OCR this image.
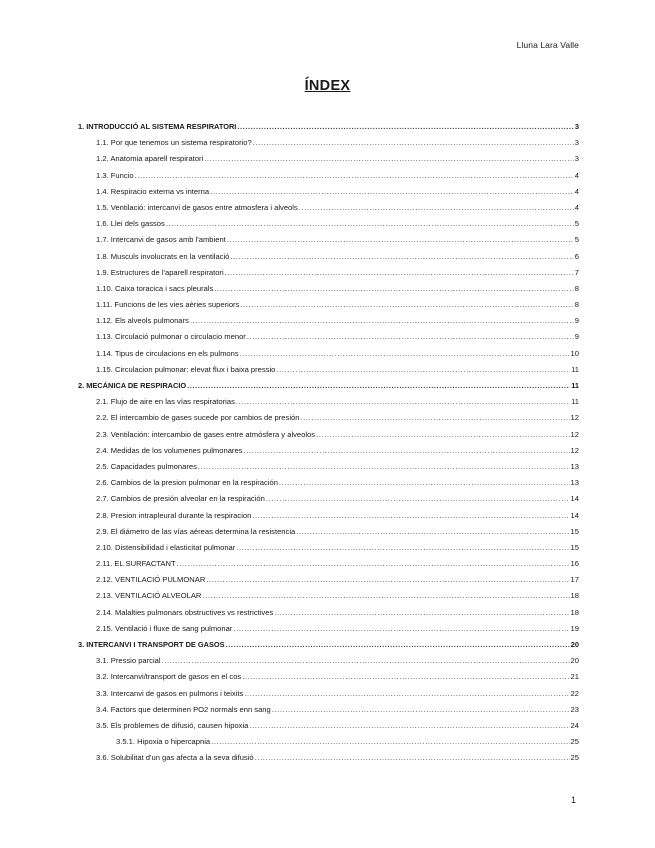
Lluna Lara Valle
ÍNDEX
1. INTRODUCCIÓ AL SISTEMA RESPIRATORI .....	3
1.1. Por que tenemos un sistema respiratorio? .....	3
1.2. Anatomia aparell respiratori .....	3
1.3. Funcio .....	4
1.4. Respiracio externa vs interna .....	4
1.5. Ventilació: intercanvi de gasos entre atmosfera i alveols .....	4
1.6. Llei dels gassos .....	5
1.7. Intercanvi de gasos amb l'ambient .....	5
1.8. Musculs involucrats en la ventilació .....	6
1.9. Estructures de l'aparell respiratori .....	7
1.10. Caixa toracica i sacs pleurals .....	8
1.11. Funcions de les vies aèries superiors .....	8
1.12. Els alveols pulmonars .....	9
1.13. Circulació pulmonar o circulacio menor .....	9
1.14. Tipus de circulacions en els pulmons .....	10
1.15. Circulacion pulmonar: elevat flux i baixa pressio .....	11
2. MECÁNICA DE RESPIRACIO .....	11
2.1. Flujo de aire en las vías respiratorias .....	11
2.2. El intercambio de gases sucede por cambios de presión .....	12
2.3. Ventilación: intercambio de gases entre atmósfera y alveolos .....	12
2.4. Medidas de los volumenes pulmonares .....	12
2.5. Capacidades pulmonares .....	13
2.6. Cambios de la presion pulmonar en la respiración .....	13
2.7. Cambios de presión alveolar en la respiración .....	14
2.8. Presion intrapleural durante la respiracion .....	14
2.9. El diámetro de las vías aéreas determina la resistencia .....	15
2.10. Distensibilidad i elasticitat pulmonar .....	15
2.11. EL SURFACTANT .....	16
2.12. VENTILACIÓ PULMONAR .....	17
2.13. VENTILACIÓ ALVEOLAR .....	18
2.14. Malalties pulmonars obstructives vs restrictives .....	18
2.15. Ventilació i fluxe de sang pulmonar .....	19
3. INTERCANVI I TRANSPORT DE GASOS .....	20
3.1. Pressio parcial .....	20
3.2. Intercanvi/transport de gasos en el cos .....	21
3.3. Intercanvi de gasos en pulmons i teixits .....	22
3.4. Factors que determinen PO2 normals enn sang .....	23
3.5. Els problemes de difusió, causen hipoxia .....	24
3.5.1. Hipoxia o hipercapnia .....	25
3.6. Solubilitat d'un gas afecta a la seva difusió .....	25
1
